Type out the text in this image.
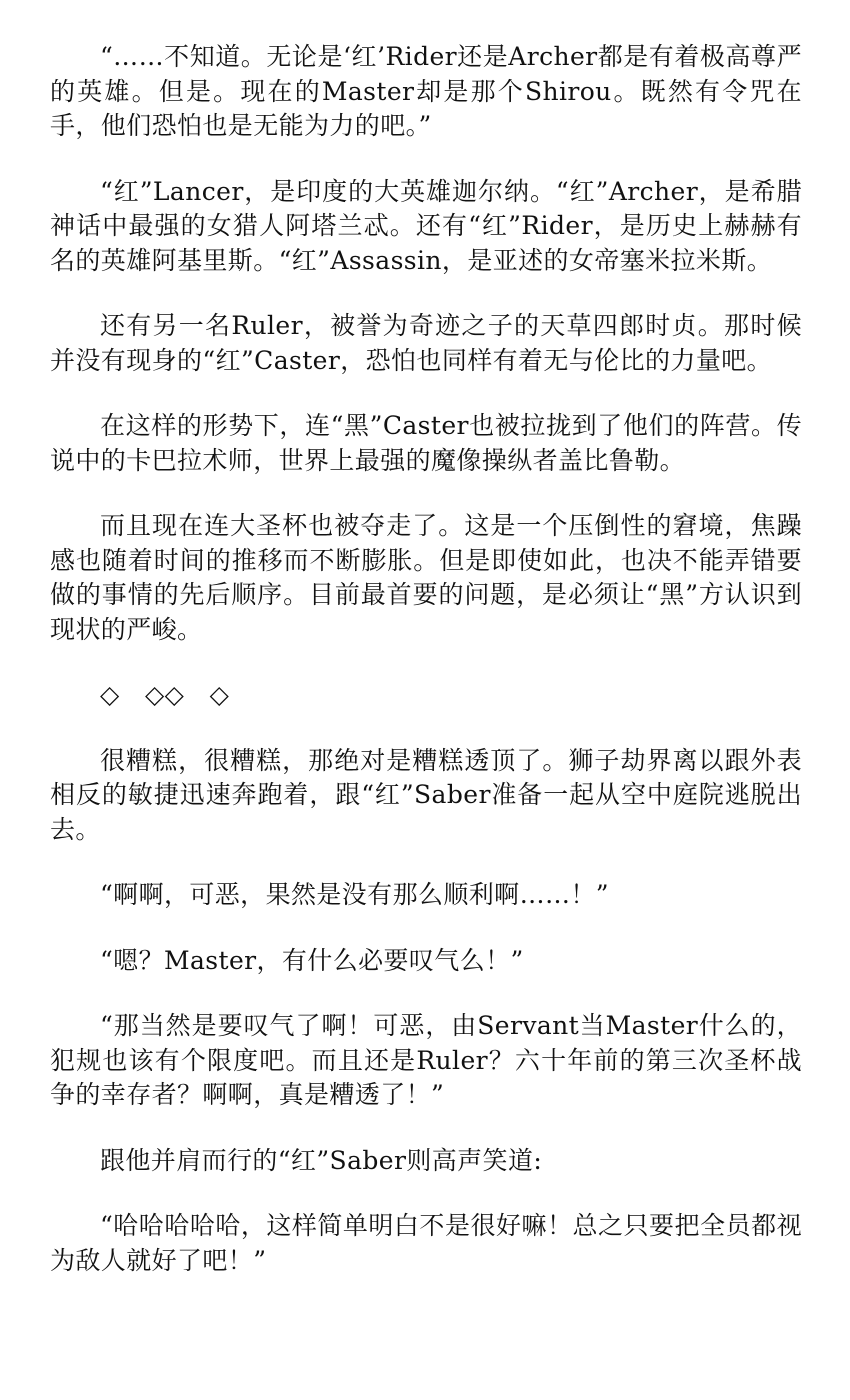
“……不知道。无论是‘红’Rider还是Archer都是有着极高尊严的英雄。但是。现在的Master却是那个Shirou。既然有令咒在手，他们恐怕也是无能为力的吧。”

“红”Lancer，是印度的大英雄迦尔纳。“红”Archer，是希腊神话中最强的女猎人阿塔兰忒。还有“红”Rider，是历史上赫赫有名的英雄阿基里斯。“红”Assassin，是亚述的女帝塞米拉米斯。

还有另一名Ruler，被誉为奇迹之子的天草四郎时贞。那时候并没有现身的“红”Caster，恐怕也同样有着无与伦比的力量吧。

在这样的形势下，连“黑”Caster也被拉拢到了他们的阵营。传说中的卡巴拉术师，世界上最强的魔像操纵者盖比鲁勒。

而且现在连大圣杯也被夺走了。这是一个压倒性的窘境，焦躁感也随着时间的推移而不断膨胀。但是即使如此，也决不能弄错要做的事情的先后顺序。目前最首要的问题，是必须让“黑”方认识到现状的严峻。

◇　◇◇　◇

很糟糕，很糟糕，那绝对是糟糕透顶了。狮子劫界离以跟外表相反的敏捷迅速奔跑着，跟“红”Saber准备一起从空中庭院逃脱出去。

“啊啊，可恶，果然是没有那么顺利啊……！”

“嗯？Master，有什么必要叹气么！”

“那当然是要叹气了啊！可恶，由Servant当Master什么的，犯规也该有个限度吧。而且还是Ruler？六十年前的第三次圣杯战争的幸存者？啊啊，真是糟透了！”

跟他并肩而行的“红”Saber则高声笑道:

“哈哈哈哈哈，这样简单明白不是很好嘛！总之只要把全员都视为敌人就好了吧！”
